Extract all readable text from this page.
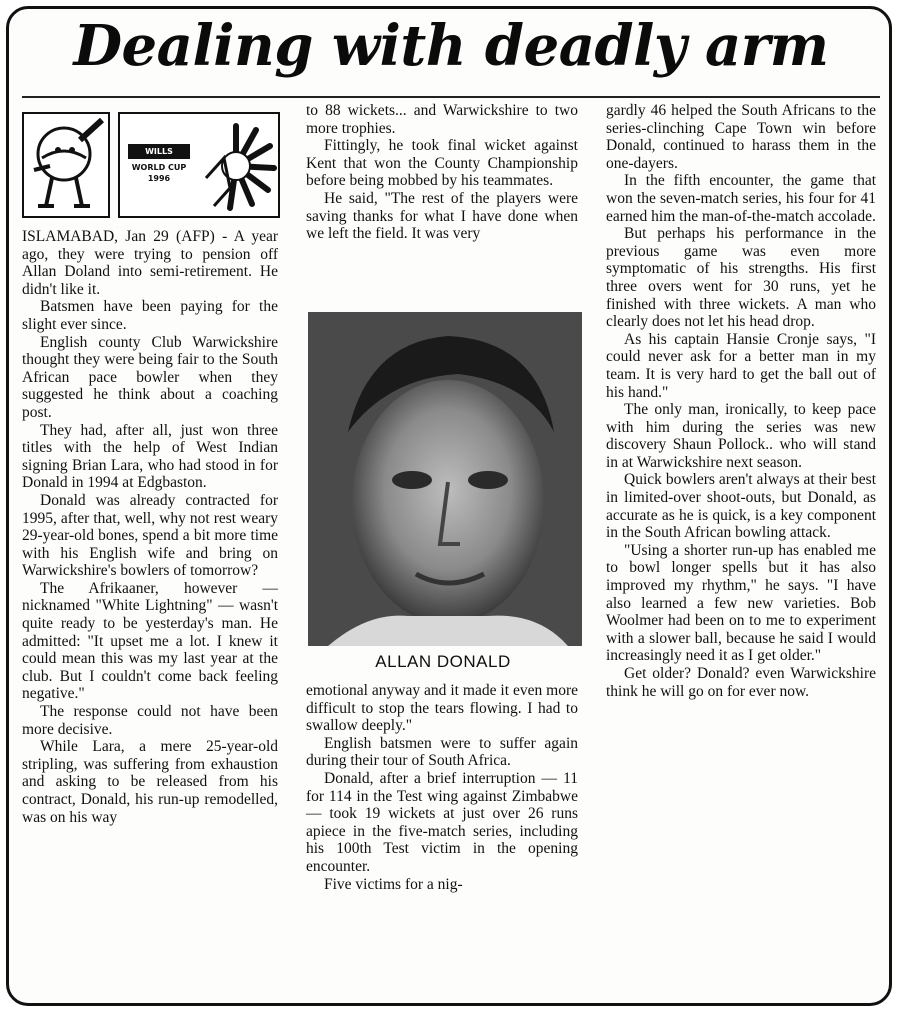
Dealing with deadly arm
WILLS
WORLD CUP
1996

ISLAMABAD, Jan 29 (AFP) - A year ago, they were trying to pension off Allan Doland into semi-retirement. He didn't like it.

Batsmen have been paying for the slight ever since.

English county Club Warwickshire thought they were being fair to the South African pace bowler when they suggested he think about a coaching post.

They had, after all, just won three titles with the help of West Indian signing Brian Lara, who had stood in for Donald in 1994 at Edgbaston.

Donald was already contracted for 1995, after that, well, why not rest weary 29-year-old bones, spend a bit more time with his English wife and bring on Warwickshire's bowlers of tomorrow?

The Afrikaaner, however — nicknamed "White Lightning" — wasn't quite ready to be yesterday's man. He admitted: "It upset me a lot. I knew it could mean this was my last year at the club. But I couldn't come back feeling negative."

The response could not have been more decisive.

While Lara, a mere 25-year-old stripling, was suffering from exhaustion and asking to be released from his contract, Donald, his run-up remodelled, was on his way

to 88 wickets... and Warwickshire to two more trophies.

Fittingly, he took final wicket against Kent that won the County Championship before being mobbed by his teammates.

He said, "The rest of the players were saving thanks for what I have done when we left the field. It was very

ALLAN DONALD

emotional anyway and it made it even more difficult to stop the tears flowing. I had to swallow deeply."

English batsmen were to suffer again during their tour of South Africa.

Donald, after a brief interruption — 11 for 114 in the Test wing against Zimbabwe — took 19 wickets at just over 26 runs apiece in the five-match series, including his 100th Test victim in the opening encounter.

Five victims for a nig-

gardly 46 helped the South Africans to the series-clinching Cape Town win before Donald, continued to harass them in the one-dayers.

In the fifth encounter, the game that won the seven-match series, his four for 41 earned him the man-of-the-match accolade.

But perhaps his performance in the previous game was even more symptomatic of his strengths. His first three overs went for 30 runs, yet he finished with three wickets. A man who clearly does not let his head drop.

As his captain Hansie Cronje says, "I could never ask for a better man in my team. It is very hard to get the ball out of his hand."

The only man, ironically, to keep pace with him during the series was new discovery Shaun Pollock.. who will stand in at Warwickshire next season.

Quick bowlers aren't always at their best in limited-over shoot-outs, but Donald, as accurate as he is quick, is a key component in the South African bowling attack.

"Using a shorter run-up has enabled me to bowl longer spells but it has also improved my rhythm," he says. "I have also learned a few new varieties. Bob Woolmer had been on to me to experiment with a slower ball, because he said I would increasingly need it as I get older."

Get older? Donald? even Warwickshire think he will go on for ever now.
